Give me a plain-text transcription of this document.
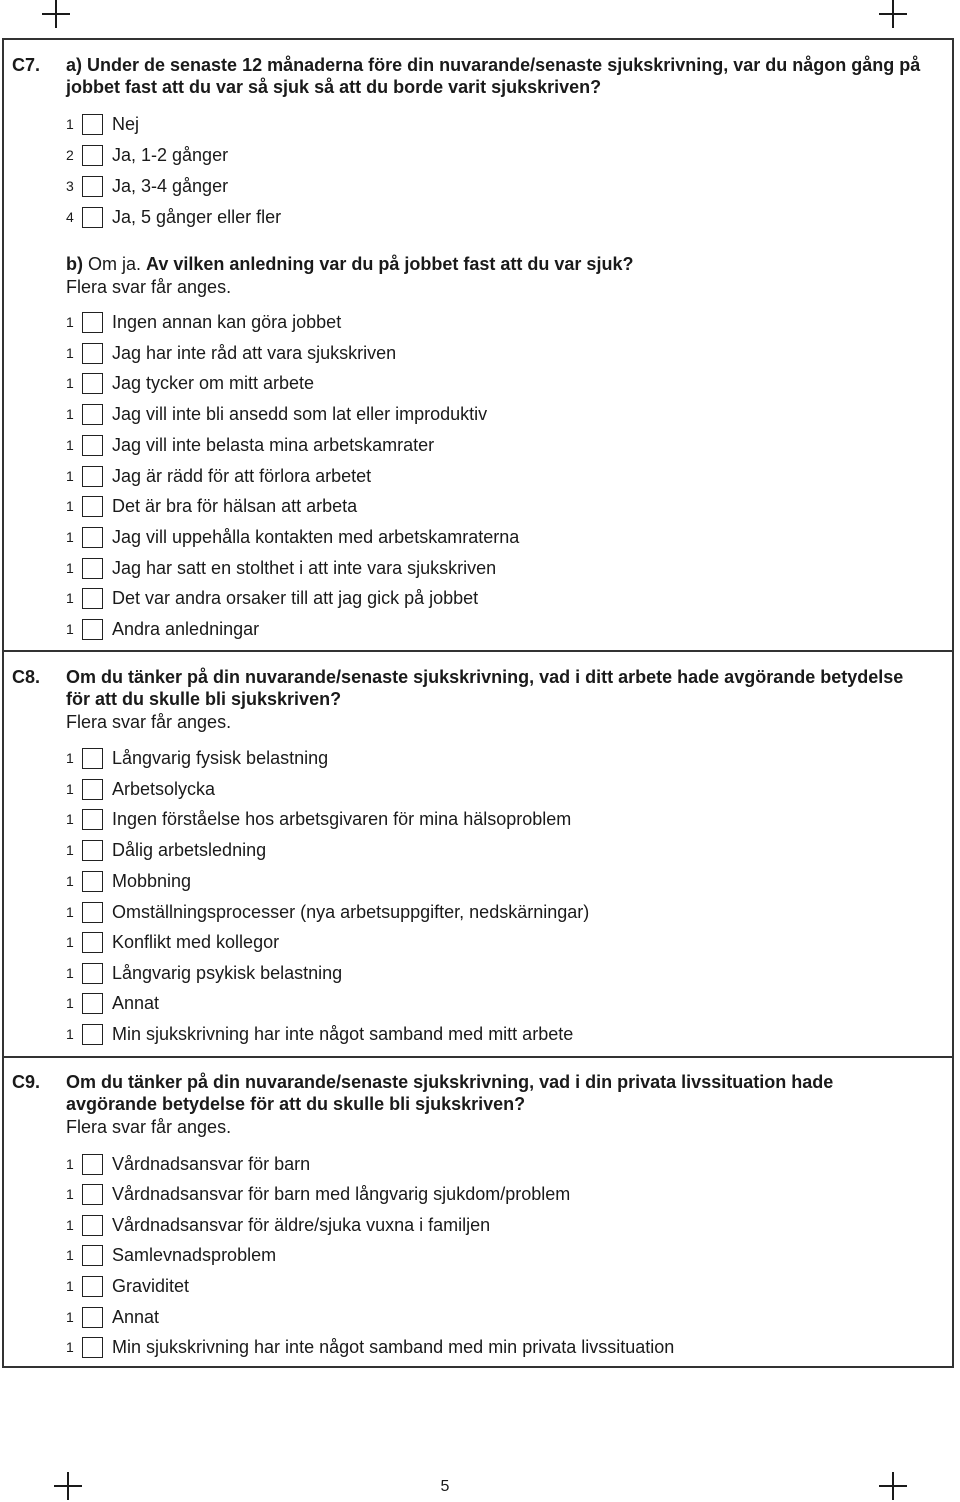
C7. a) Under de senaste 12 månaderna före din nuvarande/senaste sjukskrivning, var du någon gång på jobbet fast att du var så sjuk så att du borde varit sjukskriven?
1	Nej
2	Ja, 1-2 gånger
3	Ja, 3-4 gånger
4	Ja, 5 gånger eller fler
b) Om ja. Av vilken anledning var du på jobbet fast att du var sjuk?
Flera svar får anges.
1	Ingen annan kan göra jobbet
1	Jag har inte råd att vara sjukskriven
1	Jag tycker om mitt arbete
1	Jag vill inte bli ansedd som lat eller improduktiv
1	Jag vill inte belasta mina arbetskamrater
1	Jag är rädd för att förlora arbetet
1	Det är bra för hälsan att arbeta
1	Jag vill uppehålla kontakten med arbetskamraterna
1	Jag har satt en stolthet i att inte vara sjukskriven
1	Det var andra orsaker till att jag gick på jobbet
1	Andra anledningar
C8. Om du tänker på din nuvarande/senaste sjukskrivning, vad i ditt arbete hade avgörande betydelse för att du skulle bli sjukskriven?
Flera svar får anges.
1	Långvarig fysisk belastning
1	Arbetsolycka
1	Ingen förståelse hos arbetsgivaren för mina hälsoproblem
1	Dålig arbetsledning
1	Mobbning
1	Omställningsprocesser (nya arbetsuppgifter, nedskärningar)
1	Konflikt med kollegor
1	Långvarig psykisk belastning
1	Annat
1	Min sjukskrivning har inte något samband med mitt arbete
C9. Om du tänker på din nuvarande/senaste sjukskrivning, vad i din privata livssituation hade avgörande betydelse för att du skulle bli sjukskriven?
Flera svar får anges.
1	Vårdnadsansvar för barn
1	Vårdnadsansvar för barn med långvarig sjukdom/problem
1	Vårdnadsansvar för äldre/sjuka vuxna i familjen
1	Samlevnadsproblem
1	Graviditet
1	Annat
1	Min sjukskrivning har inte något samband med min privata livssituation
5
